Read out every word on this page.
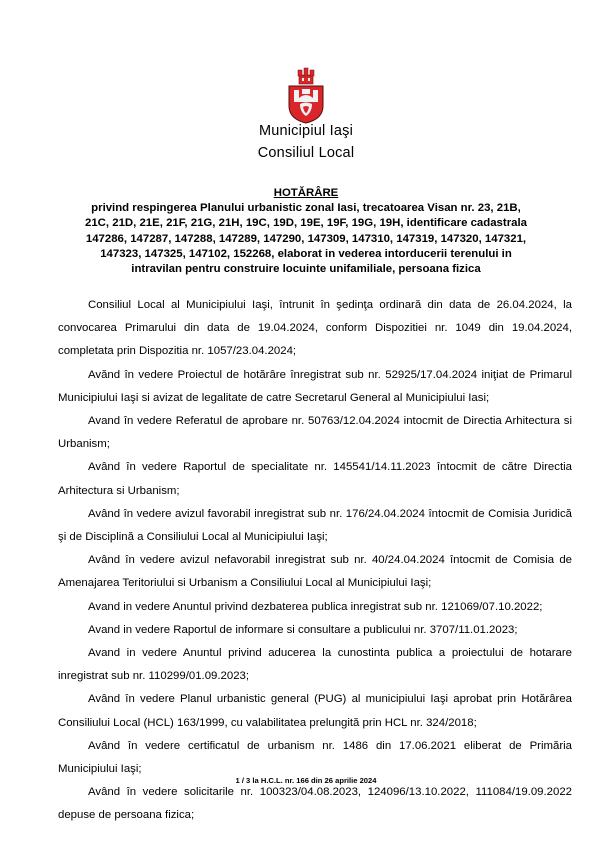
Municipiul Iaşi
Consiliul Local
HOTĂRÂRE
privind respingerea Planului urbanistic zonal Iasi, trecatoarea Visan nr. 23, 21B, 21C, 21D, 21E, 21F, 21G, 21H, 19C, 19D, 19E, 19F, 19G, 19H, identificare cadastrala 147286, 147287, 147288, 147289, 147290, 147309, 147310, 147319, 147320, 147321, 147323, 147325, 147102, 152268, elaborat in vederea intorducerii terenului in intravilan pentru construire locuinte unifamiliale, persoana fizica

Consiliul Local al Municipiului Iaşi, întrunit în şedinţa ordinară din data de 26.04.2024, la convocarea Primarului din data de 19.04.2024, conform Dispozitiei nr. 1049 din 19.04.2024, completata prin Dispozitia nr. 1057/23.04.2024;

Avănd în vedere Proiectul de hotărâre înregistrat sub nr. 52925/17.04.2024 iniţiat de Primarul Municipiului Iaşi si avizat de legalitate de catre Secretarul General al Municipiului Iasi;

Avand în vedere Referatul de aprobare nr. 50763/12.04.2024 intocmit de Directia Arhitectura si Urbanism;

Având în vedere Raportul de specialitate nr. 145541/14.11.2023 întocmit de către Directia Arhitectura si Urbanism;

Având în vedere avizul favorabil inregistrat sub nr. 176/24.04.2024 întocmit de Comisia Juridică şi de Disciplină a Consiliului Local al Municipiului Iaşi;

Având în vedere avizul nefavorabil inregistrat sub nr. 40/24.04.2024 întocmit de Comisia de Amenajarea Teritoriului si Urbanism a Consiliului Local al Municipiului Iaşi;

Avand in vedere Anuntul privind dezbaterea publica inregistrat sub nr. 121069/07.10.2022;

Avand in vedere Raportul de informare si consultare a publicului nr. 3707/11.01.2023;

Avand in vedere Anuntul privind aducerea la cunostinta publica a proiectului de hotarare inregistrat sub nr. 110299/01.09.2023;

Având în vedere Planul urbanistic general (PUG) al municipiului Iaşi aprobat prin Hotărârea Consiliului Local (HCL) 163/1999, cu valabilitatea prelungită prin HCL nr. 324/2018;

Având în vedere certificatul de urbanism nr. 1486 din 17.06.2021 eliberat de Primăria Municipiului Iaşi;

Având în vedere solicitarile nr. 100323/04.08.2023, 124096/13.10.2022, 111084/19.09.2022 depuse de persoana fizica;

1 / 3 la H.C.L. nr. 166 din 26 aprilie 2024
